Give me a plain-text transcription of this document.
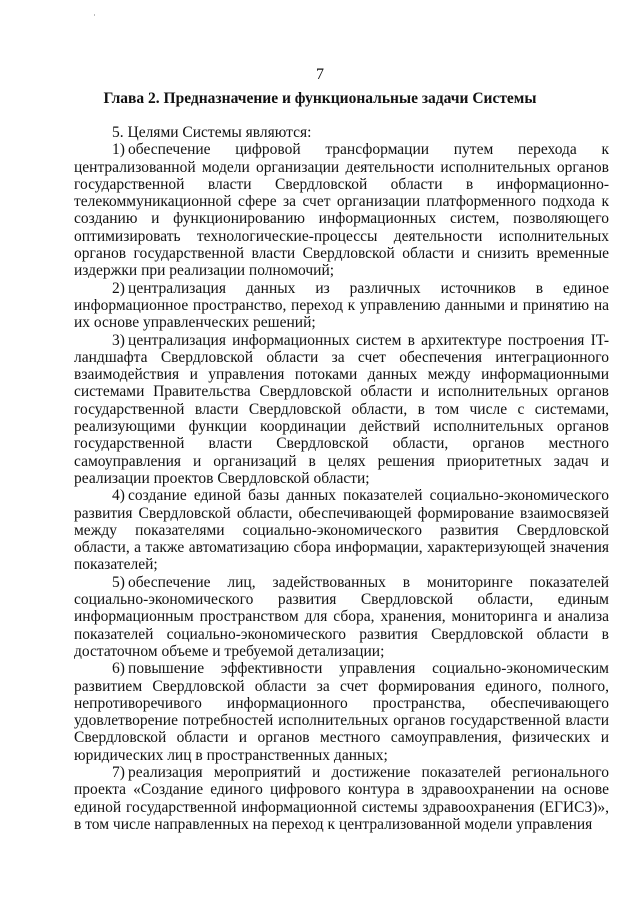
7
Глава 2. Предназначение и функциональные задачи Системы

5. Целями Системы являются:

1)  обеспечение цифровой трансформации путем перехода к централизованной модели организации деятельности исполнительных органов государственной власти Свердловской области в информационно-телекоммуникационной сфере за счет организации платформенного подхода к созданию и функционированию информационных систем, позволяющего оптимизировать технологические-процессы деятельности исполнительных органов государственной власти Свердловской области и снизить временные издержки при реализации полномочий;

2)  централизация данных из различных источников в единое информационное пространство, переход к управлению данными и принятию на их основе управленческих решений;

3)  централизация информационных систем в архитектуре построения IT-ландшафта Свердловской области за счет обеспечения интеграционного взаимодействия и управления потоками данных между информационными системами Правительства Свердловской области и исполнительных органов государственной власти Свердловской области, в том числе с системами, реализующими функции координации действий исполнительных органов государственной власти Свердловской области, органов местного самоуправления и организаций в целях решения приоритетных задач и реализации проектов Свердловской области;

4)  создание единой базы данных показателей социально-экономического развития Свердловской области, обеспечивающей формирование взаимосвязей между показателями социально-экономического развития Свердловской области, а также автоматизацию сбора информации, характеризующей значения показателей;

5)  обеспечение лиц, задействованных в мониторинге показателей социально-экономического развития Свердловской области, единым информационным пространством для сбора, хранения, мониторинга и анализа показателей социально-экономического развития Свердловской области в достаточном объеме и требуемой детализации;

6)  повышение эффективности управления социально-экономическим развитием Свердловской области за счет формирования единого, полного, непротиворечивого информационного пространства, обеспечивающего удовлетворение потребностей исполнительных органов государственной власти Свердловской области и органов местного самоуправления, физических и юридических лиц в пространственных данных;

7)  реализация мероприятий и достижение показателей регионального проекта «Создание единого цифрового контура в здравоохранении на основе единой государственной информационной системы здравоохранения (ЕГИСЗ)», в том числе направленных на переход к централизованной модели управления
